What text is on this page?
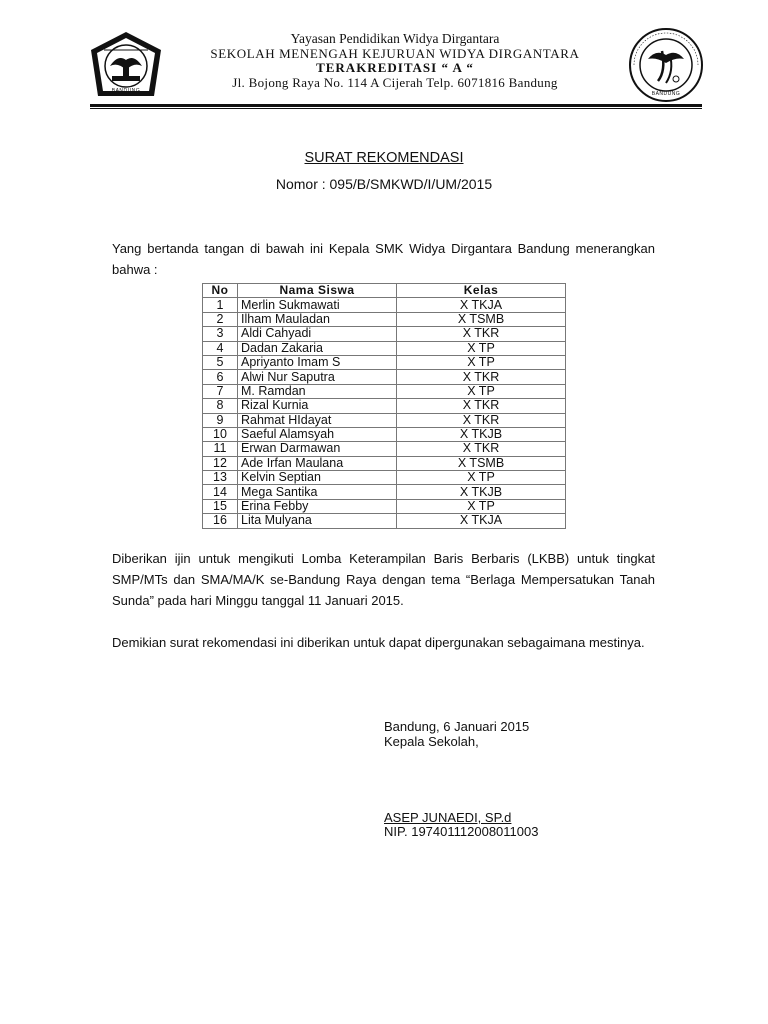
BANDUNG	BANDUNG
Yayasan Pendidikan Widya Dirgantara
SEKOLAH MENENGAH KEJURUAN WIDYA DIRGANTARA
TERAKREDITASI “ A “
Jl. Bojong Raya No. 114 A Cijerah Telp. 6071816 Bandung
SURAT REKOMENDASI
Nomor : 095/B/SMKWD/I/UM/2015
Yang bertanda tangan di bawah ini Kepala SMK Widya Dirgantara Bandung menerangkan bahwa :
No	Nama Siswa	Kelas
1	Merlin Sukmawati	X TKJA
2	Ilham Mauladan	X TSMB
3	Aldi Cahyadi	X TKR
4	Dadan Zakaria	X TP
5	Apriyanto Imam S	X TP
6	Alwi Nur Saputra	X TKR
7	M. Ramdan	X TP
8	Rizal Kurnia	X TKR
9	Rahmat HIdayat	X TKR
10	Saeful Alamsyah	X TKJB
11	Erwan Darmawan	X TKR
12	Ade Irfan Maulana	X TSMB
13	Kelvin Septian	X TP
14	Mega Santika	X TKJB
15	Erina Febby	X TP
16	Lita Mulyana	X TKJA
Diberikan ijin untuk mengikuti Lomba Keterampilan Baris Berbaris (LKBB) untuk tingkat SMP/MTs dan SMA/MA/K se-Bandung Raya dengan tema “Berlaga Mempersatukan Tanah Sunda” pada hari Minggu tanggal 11 Januari 2015.
Demikian surat rekomendasi ini diberikan untuk dapat dipergunakan sebagaimana mestinya.
Bandung, 6 Januari 2015
Kepala Sekolah,
ASEP JUNAEDI, SP.d
NIP. 197401112008011003
